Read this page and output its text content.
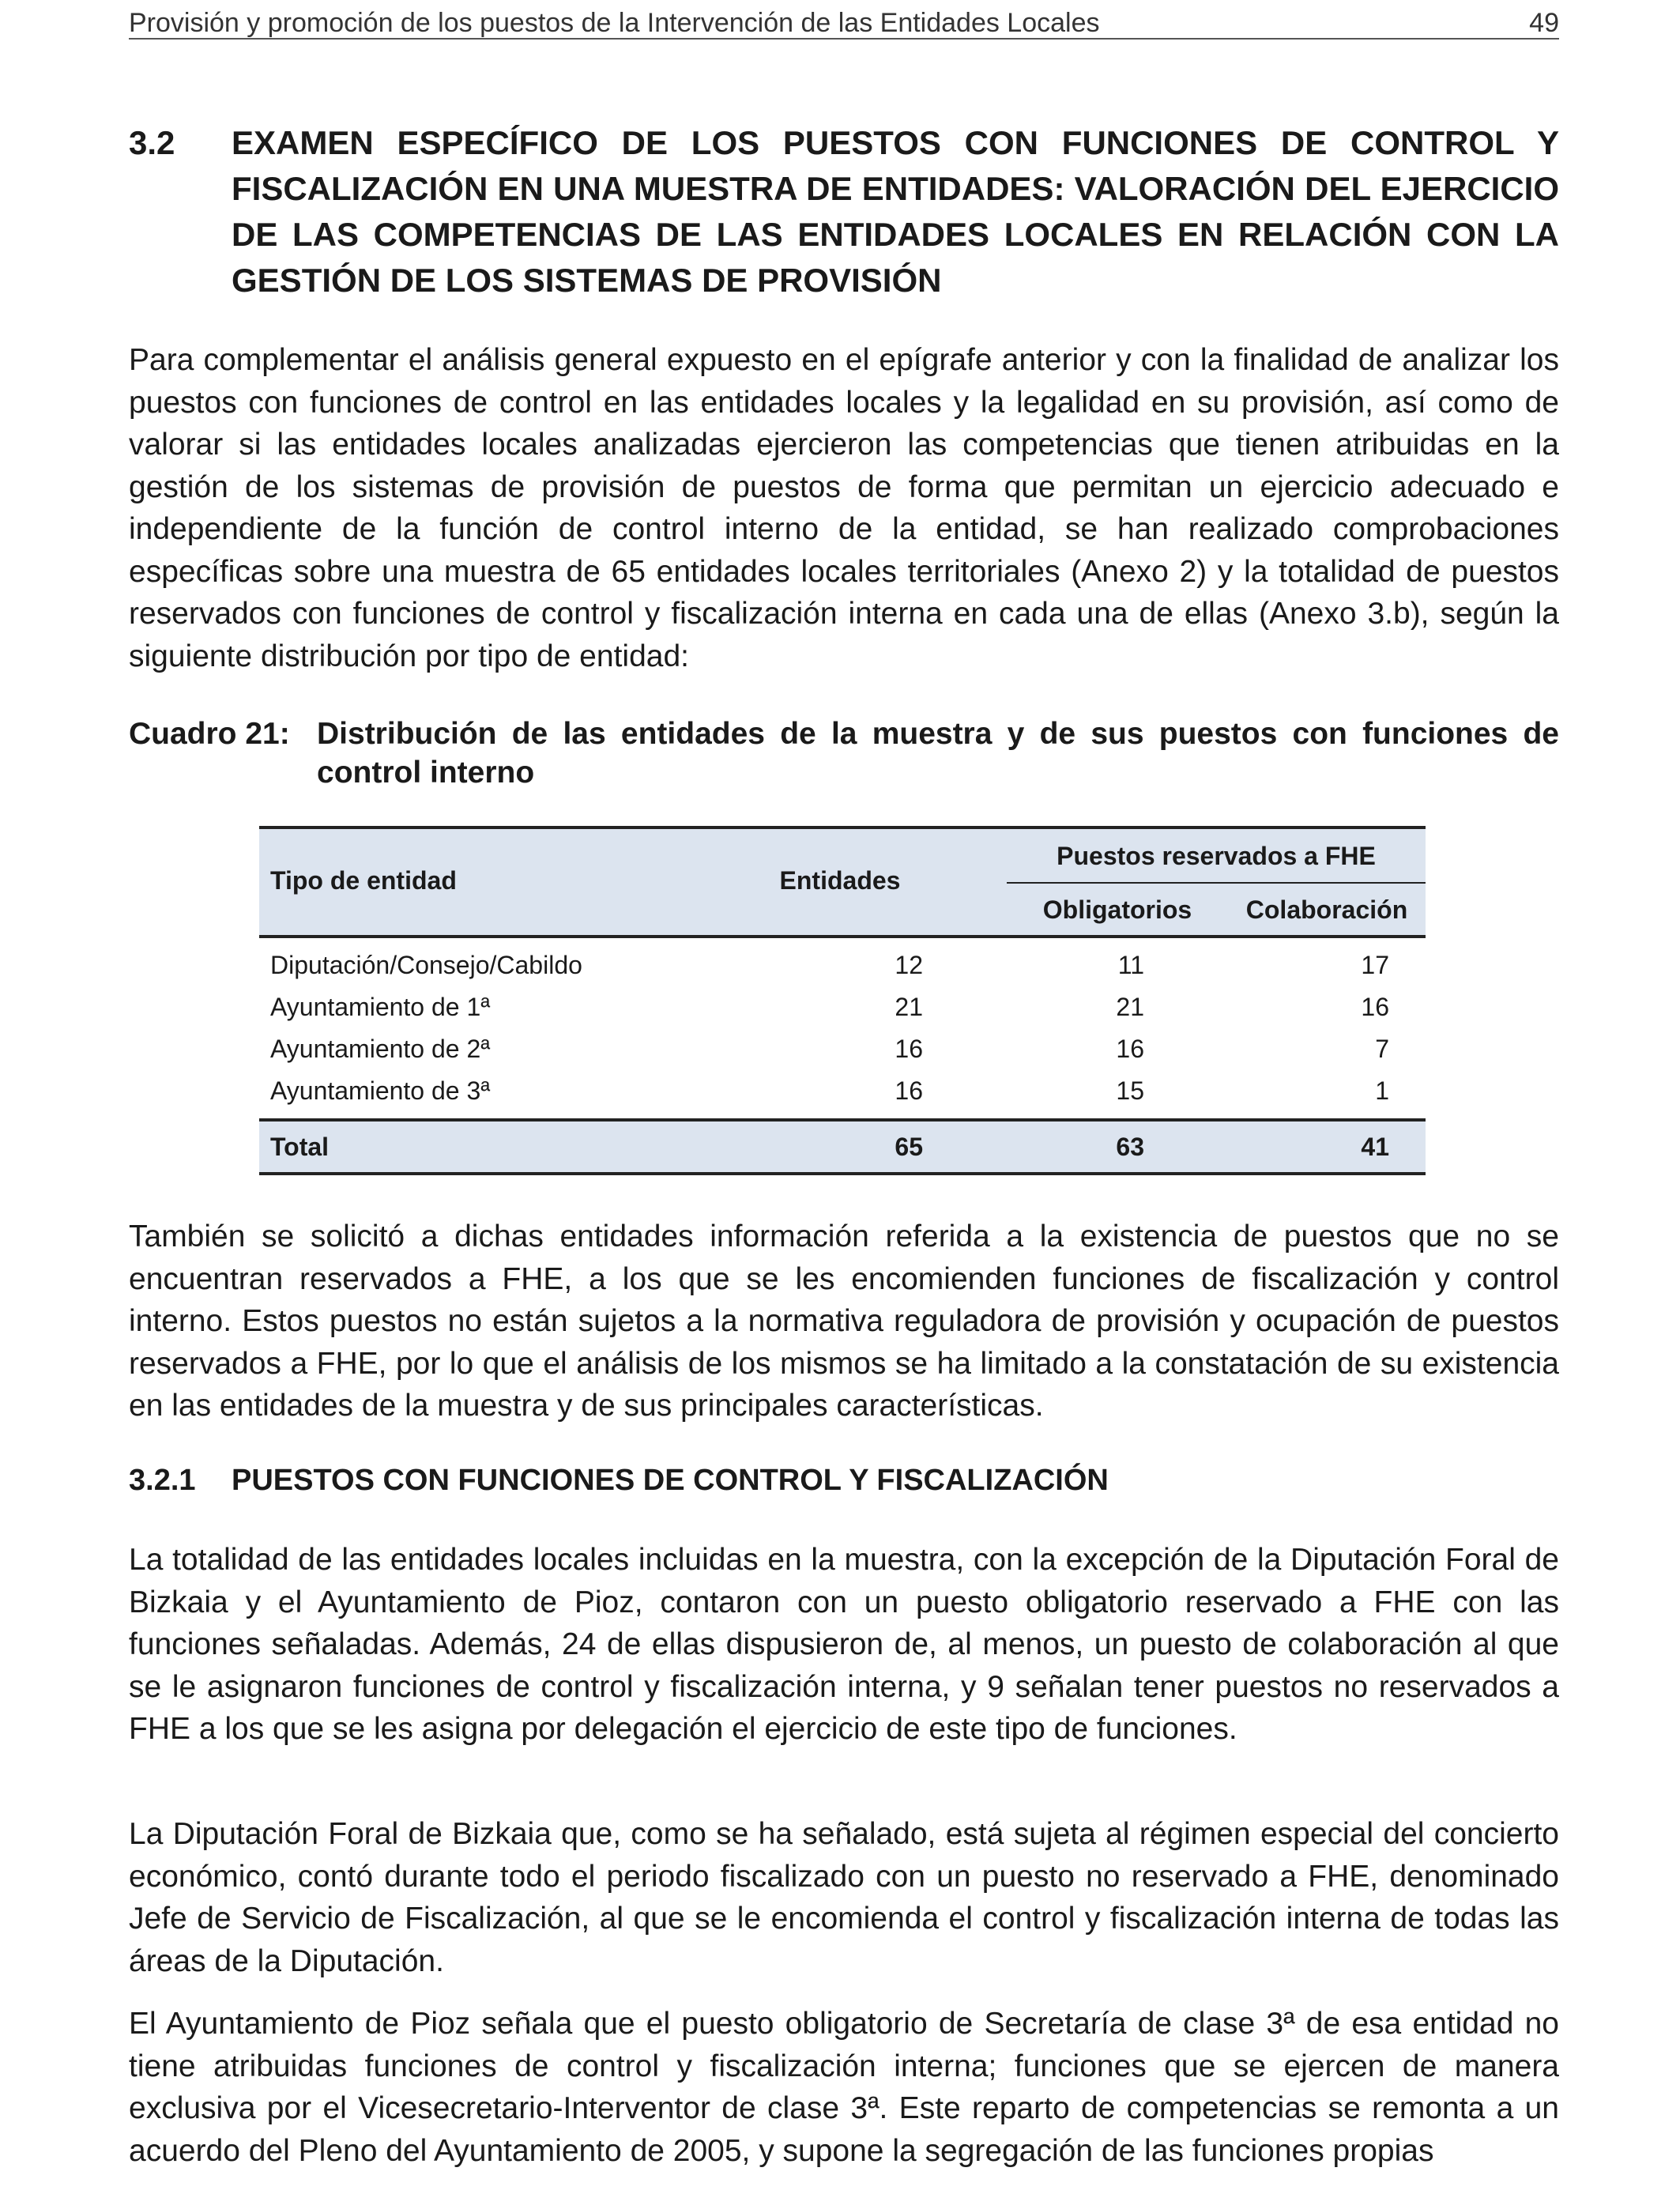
Provisión y promoción de los puestos de la Intervención de las Entidades Locales	49
3.2 EXAMEN ESPECÍFICO DE LOS PUESTOS CON FUNCIONES DE CONTROL Y FISCALIZACIÓN EN UNA MUESTRA DE ENTIDADES: VALORACIÓN DEL EJERCICIO DE LAS COMPETENCIAS DE LAS ENTIDADES LOCALES EN RELACIÓN CON LA GESTIÓN DE LOS SISTEMAS DE PROVISIÓN

Para complementar el análisis general expuesto en el epígrafe anterior y con la finalidad de analizar los puestos con funciones de control en las entidades locales y la legalidad en su provisión, así como de valorar si las entidades locales analizadas ejercieron las competencias que tienen atribuidas en la gestión de los sistemas de provisión de puestos de forma que permitan un ejercicio adecuado e independiente de la función de control interno de la entidad, se han realizado comprobaciones específicas sobre una muestra de 65 entidades locales territoriales (Anexo 2) y la totalidad de puestos reservados con funciones de control y fiscalización interna en cada una de ellas (Anexo 3.b), según la siguiente distribución por tipo de entidad:

Cuadro 21: Distribución de las entidades de la muestra y de sus puestos con funciones de control interno
Tipo de entidad	Entidades
Puestos reservados a FHE
Obligatorios	Colaboración
Diputación/Consejo/Cabildo	12	11	17
Ayuntamiento de 1ª	21	21	16
Ayuntamiento de 2ª	16	16	7
Ayuntamiento de 3ª	16	15	1
Total	65	63	41

También se solicitó a dichas entidades información referida a la existencia de puestos que no se encuentran reservados a FHE, a los que se les encomienden funciones de fiscalización y control interno. Estos puestos no están sujetos a la normativa reguladora de provisión y ocupación de puestos reservados a FHE, por lo que el análisis de los mismos se ha limitado a la constatación de su existencia en las entidades de la muestra y de sus principales características.

3.2.1 PUESTOS CON FUNCIONES DE CONTROL Y FISCALIZACIÓN

La totalidad de las entidades locales incluidas en la muestra, con la excepción de la Diputación Foral de Bizkaia y el Ayuntamiento de Pioz, contaron con un puesto obligatorio reservado a FHE con las funciones señaladas. Además, 24 de ellas dispusieron de, al menos, un puesto de colaboración al que se le asignaron funciones de control y fiscalización interna, y 9 señalan tener puestos no reservados a FHE a los que se les asigna por delegación el ejercicio de este tipo de funciones.

La Diputación Foral de Bizkaia que, como se ha señalado, está sujeta al régimen especial del concierto económico, contó durante todo el periodo fiscalizado con un puesto no reservado a FHE, denominado Jefe de Servicio de Fiscalización, al que se le encomienda el control y fiscalización interna de todas las áreas de la Diputación.

El Ayuntamiento de Pioz señala que el puesto obligatorio de Secretaría de clase 3ª de esa entidad no tiene atribuidas funciones de control y fiscalización interna; funciones que se ejercen de manera exclusiva por el Vicesecretario-Interventor de clase 3ª. Este reparto de competencias se remonta a un acuerdo del Pleno del Ayuntamiento de 2005, y supone la segregación de las funciones propias
